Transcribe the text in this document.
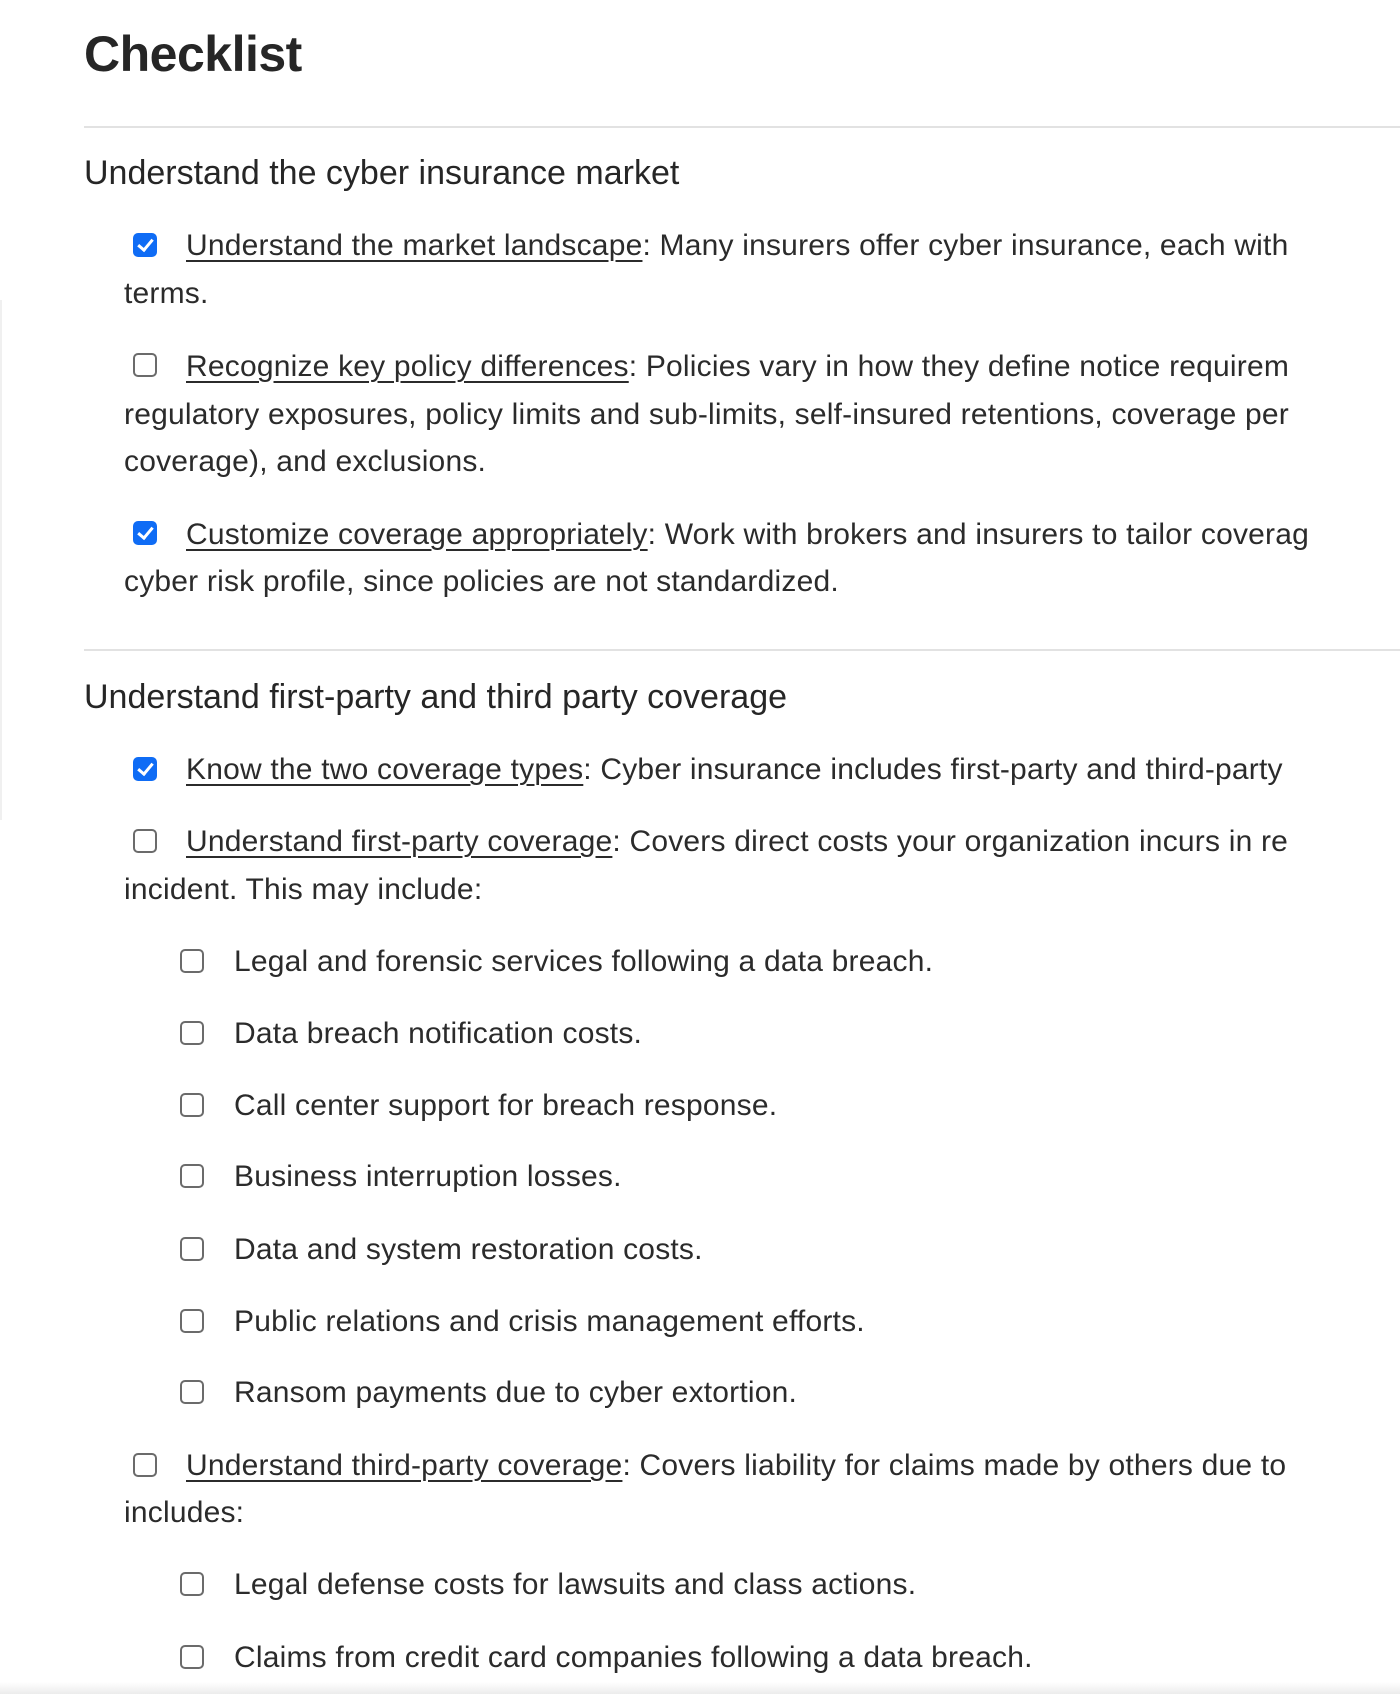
Checklist
Understand the cyber insurance market
Understand the market landscape: Many insurers offer cyber insurance, each with
terms.
Recognize key policy differences: Policies vary in how they define notice requirem
regulatory exposures, policy limits and sub-limits, self-insured retentions, coverage per
coverage), and exclusions.
Customize coverage appropriately: Work with brokers and insurers to tailor coverag
cyber risk profile, since policies are not standardized.
Understand first-party and third party coverage
Know the two coverage types: Cyber insurance includes first-party and third-party
Understand first-party coverage: Covers direct costs your organization incurs in re
incident. This may include:
Legal and forensic services following a data breach.
Data breach notification costs.
Call center support for breach response.
Business interruption losses.
Data and system restoration costs.
Public relations and crisis management efforts.
Ransom payments due to cyber extortion.
Understand third-party coverage: Covers liability for claims made by others due to
includes:
Legal defense costs for lawsuits and class actions.
Claims from credit card companies following a data breach.
